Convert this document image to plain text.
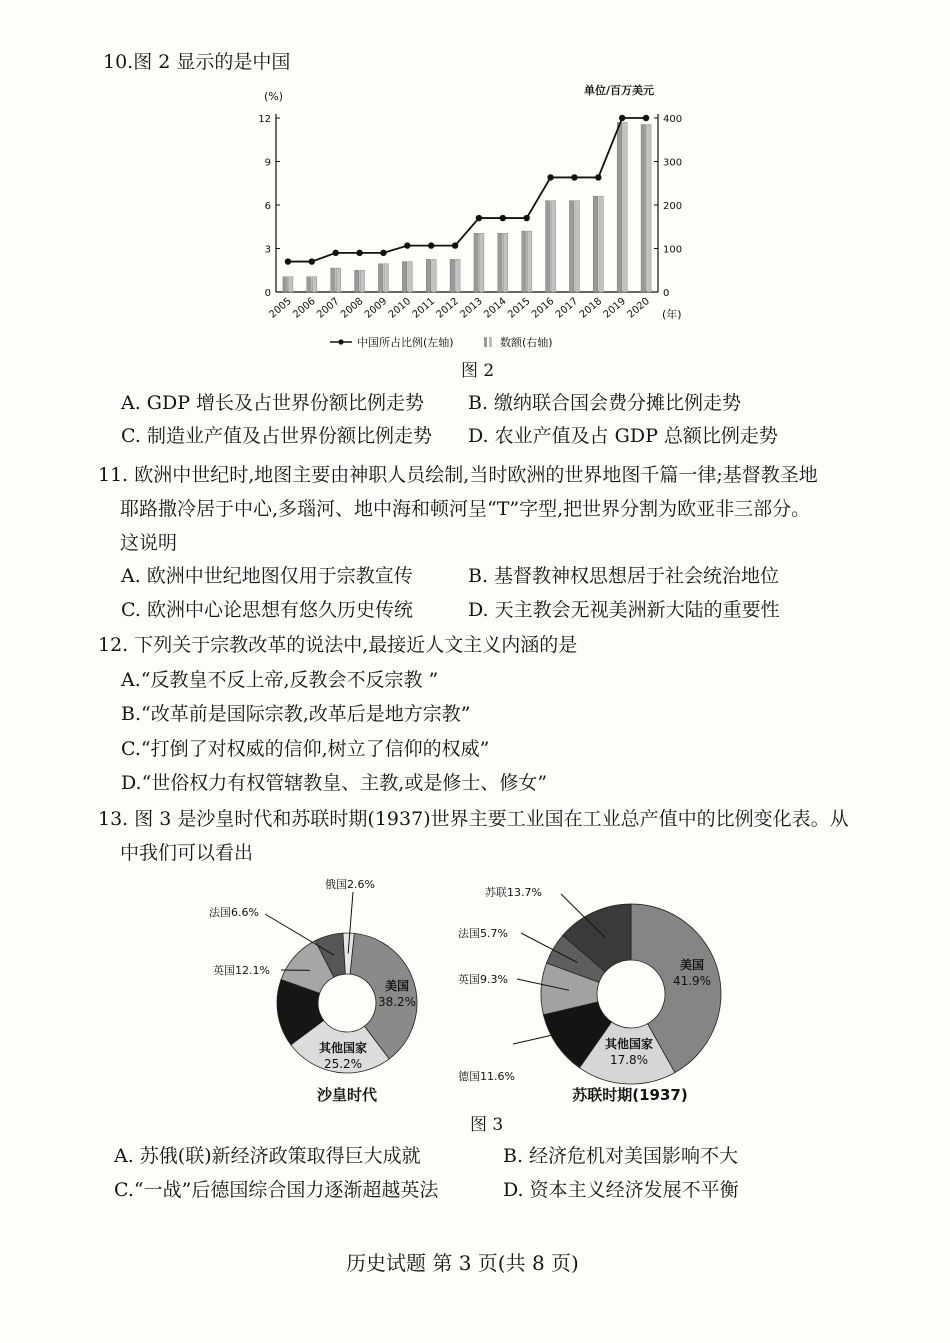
10.图 2 显示的是中国
(%)	单位/百万美元
(年)
0
3
6
9
12
0
100
200
300
400
2005
2006
2007
2008
2009
2010
2011
2012
2013
2014
2015
2016
2017
2018
2019
2020
中国所占比例(左轴)	数额(右轴)
图 2
A. GDP 增长及占世界份额比例走势 B. 缴纳联合国会费分摊比例走势
C. 制造业产值及占世界份额比例走势 D. 农业产值及占 GDP 总额比例走势
11. 欧洲中世纪时,地图主要由神职人员绘制,当时欧洲的世界地图千篇一律;基督教圣地
耶路撒冷居于中心,多瑙河、地中海和顿河呈“T”字型,把世界分割为欧亚非三部分。
这说明
A. 欧洲中世纪地图仅用于宗教宣传	B. 基督教神权思想居于社会统治地位
C. 欧洲中心论思想有悠久历史传统	D. 天主教会无视美洲新大陆的重要性
12. 下列关于宗教改革的说法中,最接近人文主义内涵的是
A.“反教皇不反上帝,反教会不反宗教 ”
B.“改革前是国际宗教,改革后是地方宗教”
C.“打倒了对权威的信仰,树立了信仰的权威”
D.“世俗权力有权管辖教皇、主教,或是修士、修女”
13. 图 3 是沙皇时代和苏联时期(1937)世界主要工业国在工业总产值中的比例变化表。从
中我们可以看出
美国
38.2%
其他国家
25.2%
英国12.1%
法国6.6%
俄国2.6%
美国
41.9%
其他国家
17.8%
德国11.6%
英国9.3%
法国5.7%
苏联13.7%
沙皇时代	苏联时期(1937)
图 3
A. 苏俄(联)新经济政策取得巨大成就	B. 经济危机对美国影响不大
C.“一战”后德国综合国力逐渐超越英法	D. 资本主义经济发展不平衡
历史试题 第 3 页(共 8 页)
